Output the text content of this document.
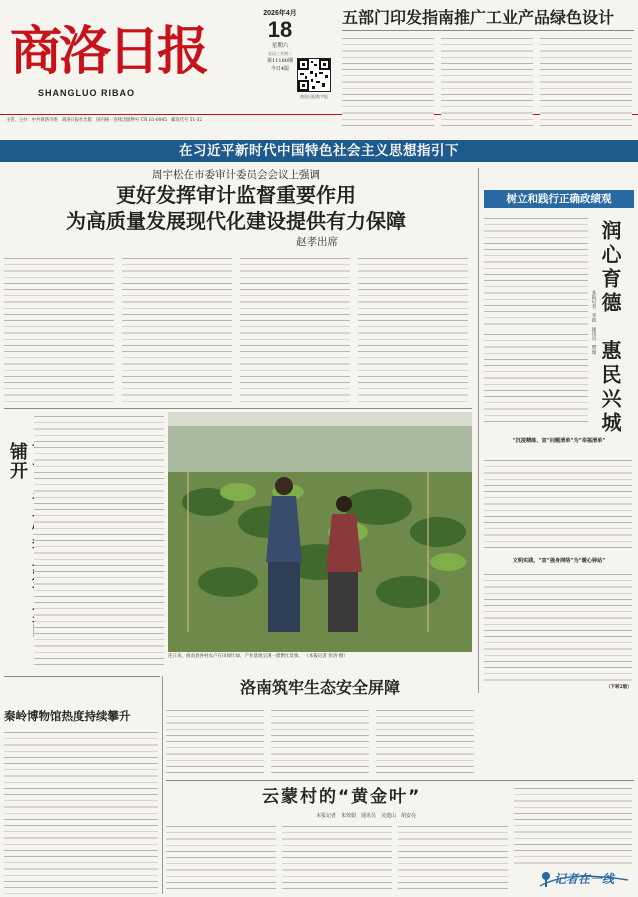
商洛日报
SHANGLUO RIBAO
2026年4月
18
星期六
农历三月初二
第11180期
今日4版
商洛日报数字报
主管、主办：中共商洛市委　商洛日报社出版　国内统一连续出版物号 CN 61-0045　邮发代号 51-32
五部门印发指南推广工业产品绿色设计
在习近平新时代中国特色社会主义思想指引下
周宇松在市委审计委员会会议上强调
更好发挥审计监督重要作用
为高质量发展现代化建设提供有力保障
赵孝出席
树立和践行正确政绩观
润心育德　惠民兴城
本报记者　李政　通讯员　樊瑞
“沉浸精练、宣“问题清单”为“幸福清单”
文明实践，“宣“强身网络”为“暖心驿站”
（下转2版）
铺开
连日来，商南县各村农户在田间忙碌，产业基地呈现一派繁忙景象。 （本报记者 彭涛 摄）
洛南筑牢生态安全屏障
秦岭博物馆热度持续攀升
云蒙村的“黄金叶”
本报记者　朱效娟　通讯员　吴建山　胡安亮
记者在一线
